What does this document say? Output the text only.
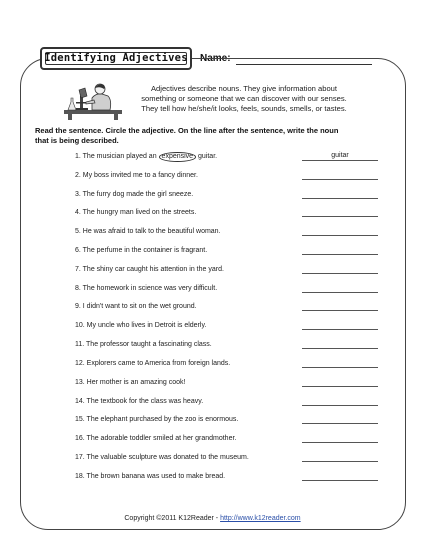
Identifying Adjectives Name:
Adjectives describe nouns. They give information about
something or someone that we can discover with our senses.
They tell how he/she/it looks, feels, sounds, smells, or tastes.
Read the sentence. Circle the adjective. On the line after the sentence, write the noun
that is being described.
1. The musician played an expensive guitar.	guitar
2. My boss invited me to a fancy dinner.
3. The furry dog made the girl sneeze.
4. The hungry man lived on the streets.
5. He was afraid to talk to the beautiful woman.
6. The perfume in the container is fragrant.
7. The shiny car caught his attention in the yard.
8. The homework in science was very difficult.
9. I didn't want to sit on the wet ground.
10. My uncle who lives in Detroit is elderly.
11. The professor taught a fascinating class.
12. Explorers came to America from foreign lands.
13. Her mother is an amazing cook!
14. The textbook for the class was heavy.
15. The elephant purchased by the zoo is enormous.
16. The adorable toddler smiled at her grandmother.
17. The valuable sculpture was donated to the museum.
18. The brown banana was used to make bread.
Copyright ©2011 K12Reader - http://www.k12reader.com
